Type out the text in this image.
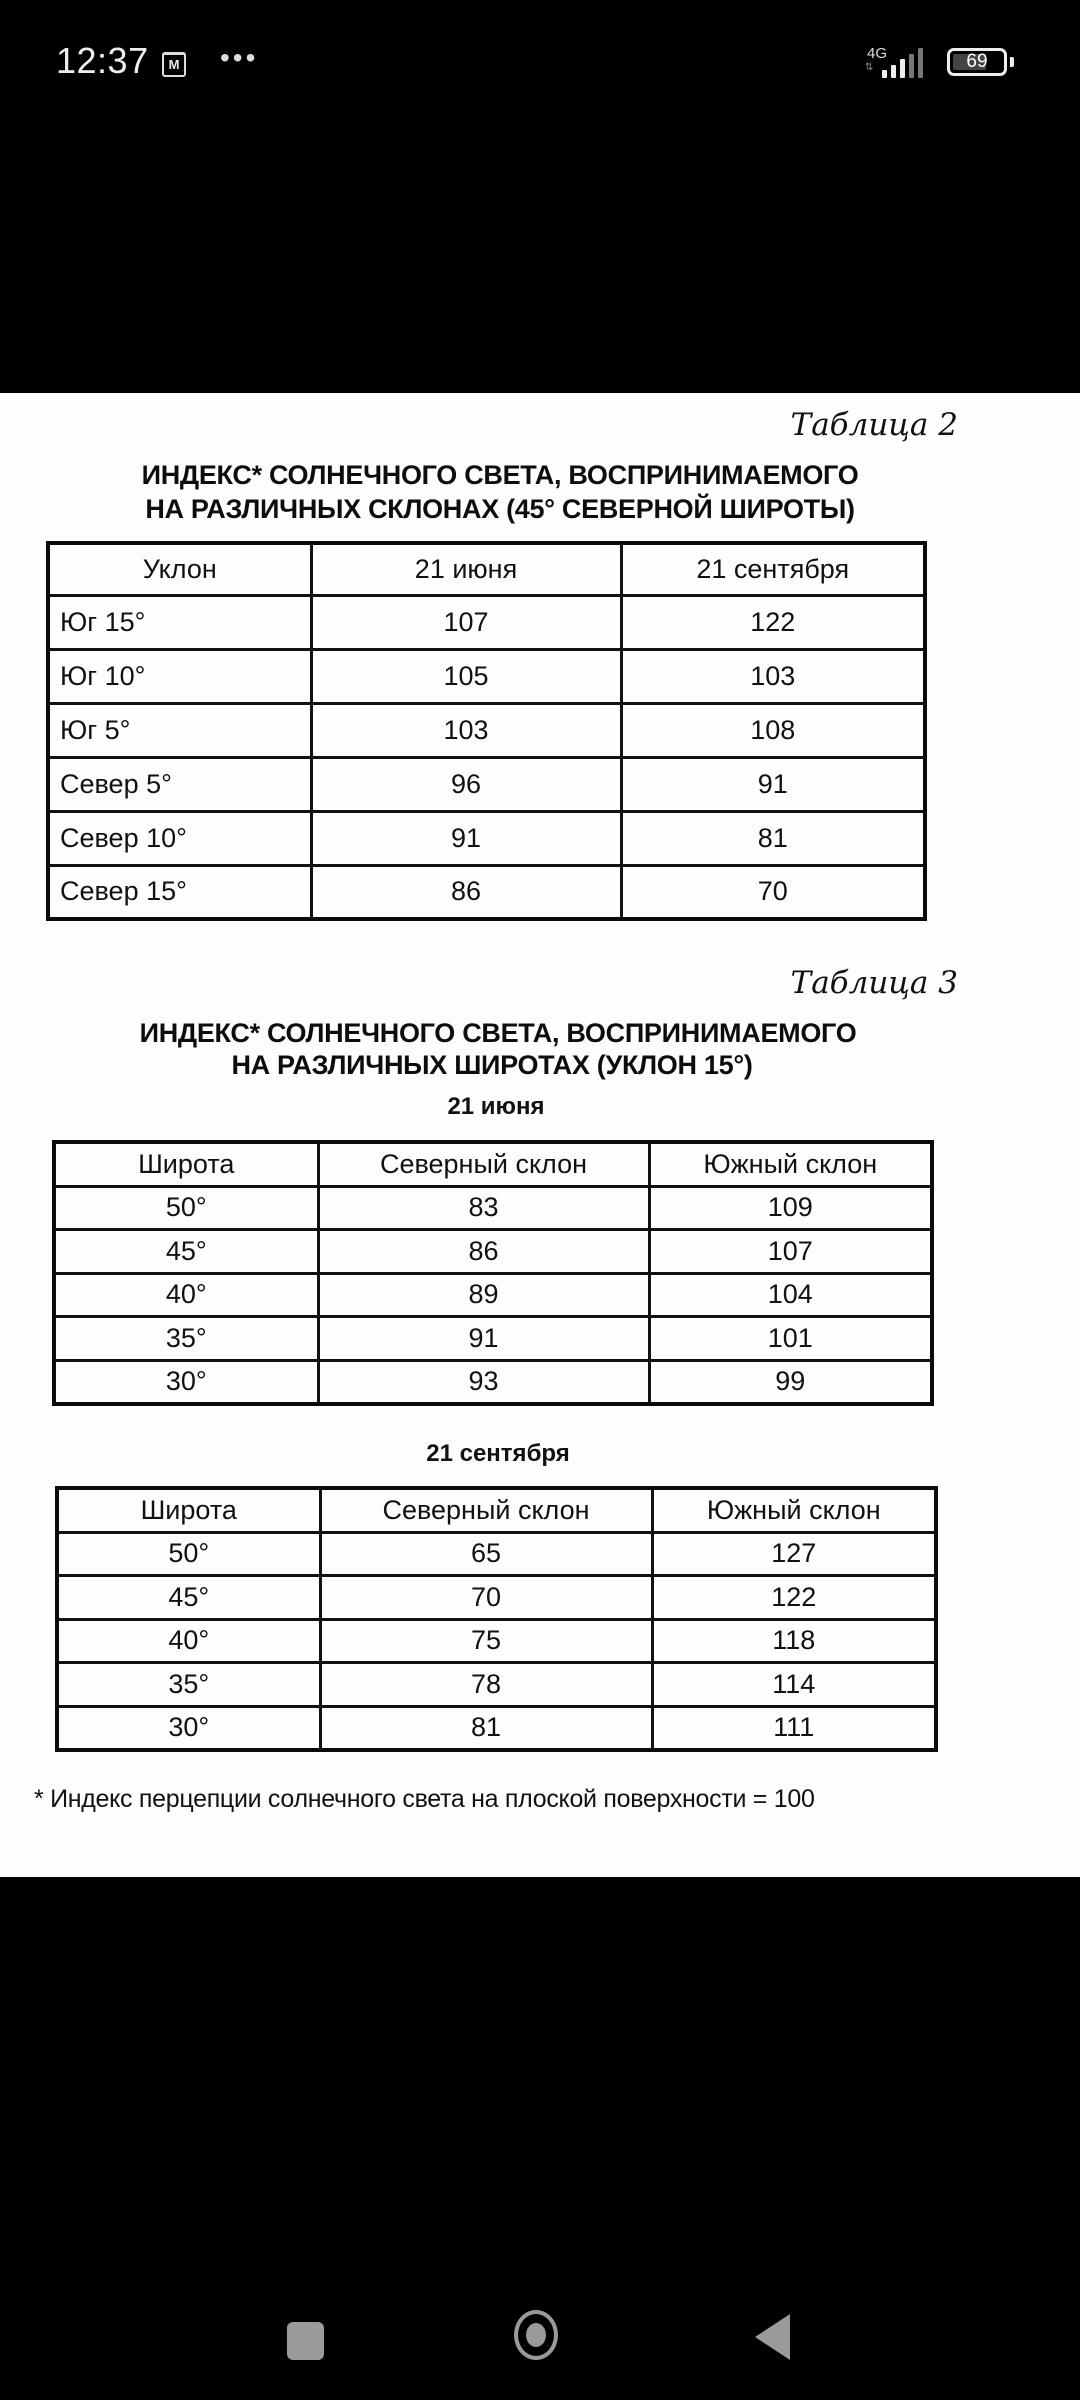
12:37	M •••	4G
⇅	69
Таблица 2
ИНДЕКС* СОЛНЕЧНОГО СВЕТА, ВОСПРИНИМАЕМОГО
НА РАЗЛИЧНЫХ СКЛОНАХ (45° СЕВЕРНОЙ ШИРОТЫ)
Уклон	21 июня	21 сентября
Юг 15°	107	122
Юг 10°	105	103
Юг 5°	103	108
Север 5°	96	91
Север 10°	91	81
Север 15°	86	70
Таблица 3
ИНДЕКС* СОЛНЕЧНОГО СВЕТА, ВОСПРИНИМАЕМОГО
НА РАЗЛИЧНЫХ ШИРОТАХ (УКЛОН 15°)
21 июня
Широта	Северный склон	Южный склон
50°	83	109
45°	86	107
40°	89	104
35°	91	101
30°	93	99
21 сентября
Широта	Северный склон	Южный склон
50°	65	127
45°	70	122
40°	75	118
35°	78	114
30°	81	111
* Индекс перцепции солнечного света на плоской поверхности = 100
